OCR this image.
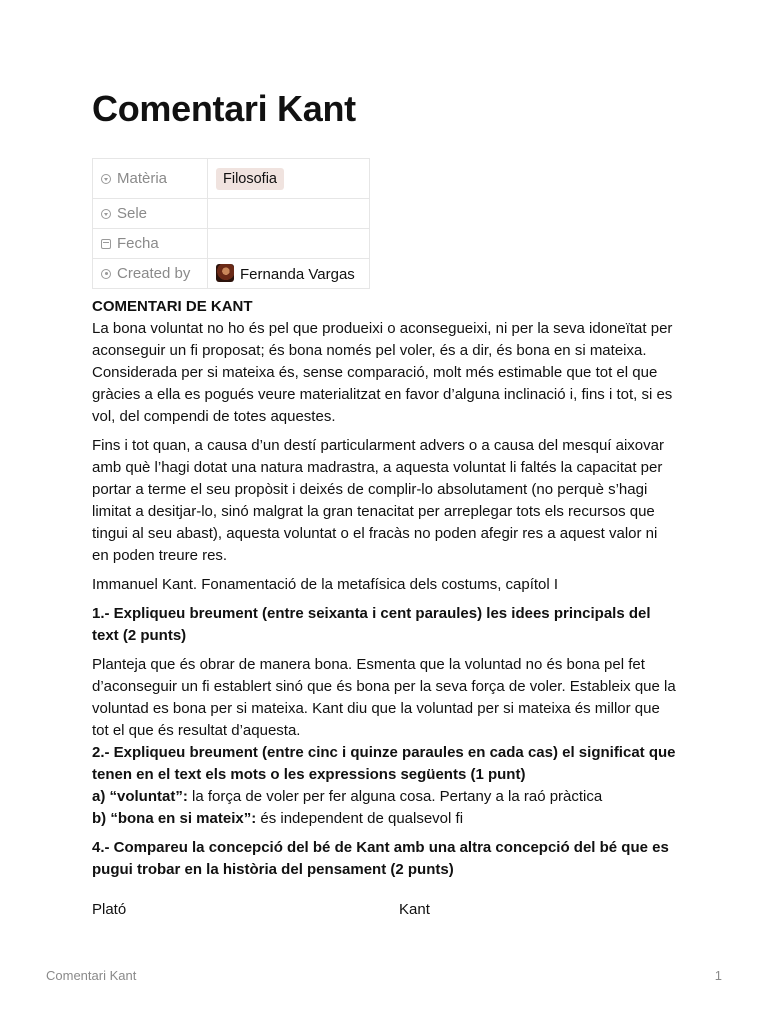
Comentari Kant
Matèria	Filosofia
Sele	
Fecha	
Created by	Fernanda Vargas
COMENTARI DE KANT

La bona voluntat no ho és pel que produeixi o aconsegueixi, ni per la seva idoneïtat per aconseguir un fi proposat; és bona només pel voler, és a dir, és bona en si mateixa. Considerada per si mateixa és, sense comparació, molt més estimable que tot el que gràcies a ella es pogués veure materialitzat en favor d’alguna inclinació i, fins i tot, si es vol, del compendi de totes aquestes.

Fins i tot quan, a causa d’un destí particularment advers o a causa del mesquí aixovar amb què l’hagi dotat una natura madrastra, a aquesta voluntat li faltés la capacitat per portar a terme el seu propòsit i deixés de complir-lo absolutament (no perquè s’hagi limitat a desitjar-lo, sinó malgrat la gran tenacitat per arreplegar tots els recursos que tingui al seu abast), aquesta voluntat o el fracàs no poden afegir res a aquest valor ni en poden treure res.

Immanuel Kant. Fonamentació de la metafísica dels costums, capítol I

1.- Expliqueu breument (entre seixanta i cent paraules) les idees principals del text (2 punts)

Planteja que és obrar de manera bona. Esmenta que la voluntad no és bona pel fet d’aconseguir un fi establert sinó que és bona per la seva força de voler. Estableix que la voluntad es bona per si mateixa. Kant diu que la voluntad per si mateixa és millor que tot el que és resultat d’aquesta.

2.- Expliqueu breument (entre cinc i quinze paraules en cada cas) el significat que tenen en el text els mots o les expressions següents (1 punt)
a) “voluntat”: la força de voler per fer alguna cosa. Pertany a la raó pràctica

b) “bona en si mateix”: és independent de qualsevol fi

4.- Compareu la concepció del bé de Kant amb una altra concepció del bé que es pugui trobar en la història del pensament (2 punts)
Plató	Kant
Comentari Kant	1
